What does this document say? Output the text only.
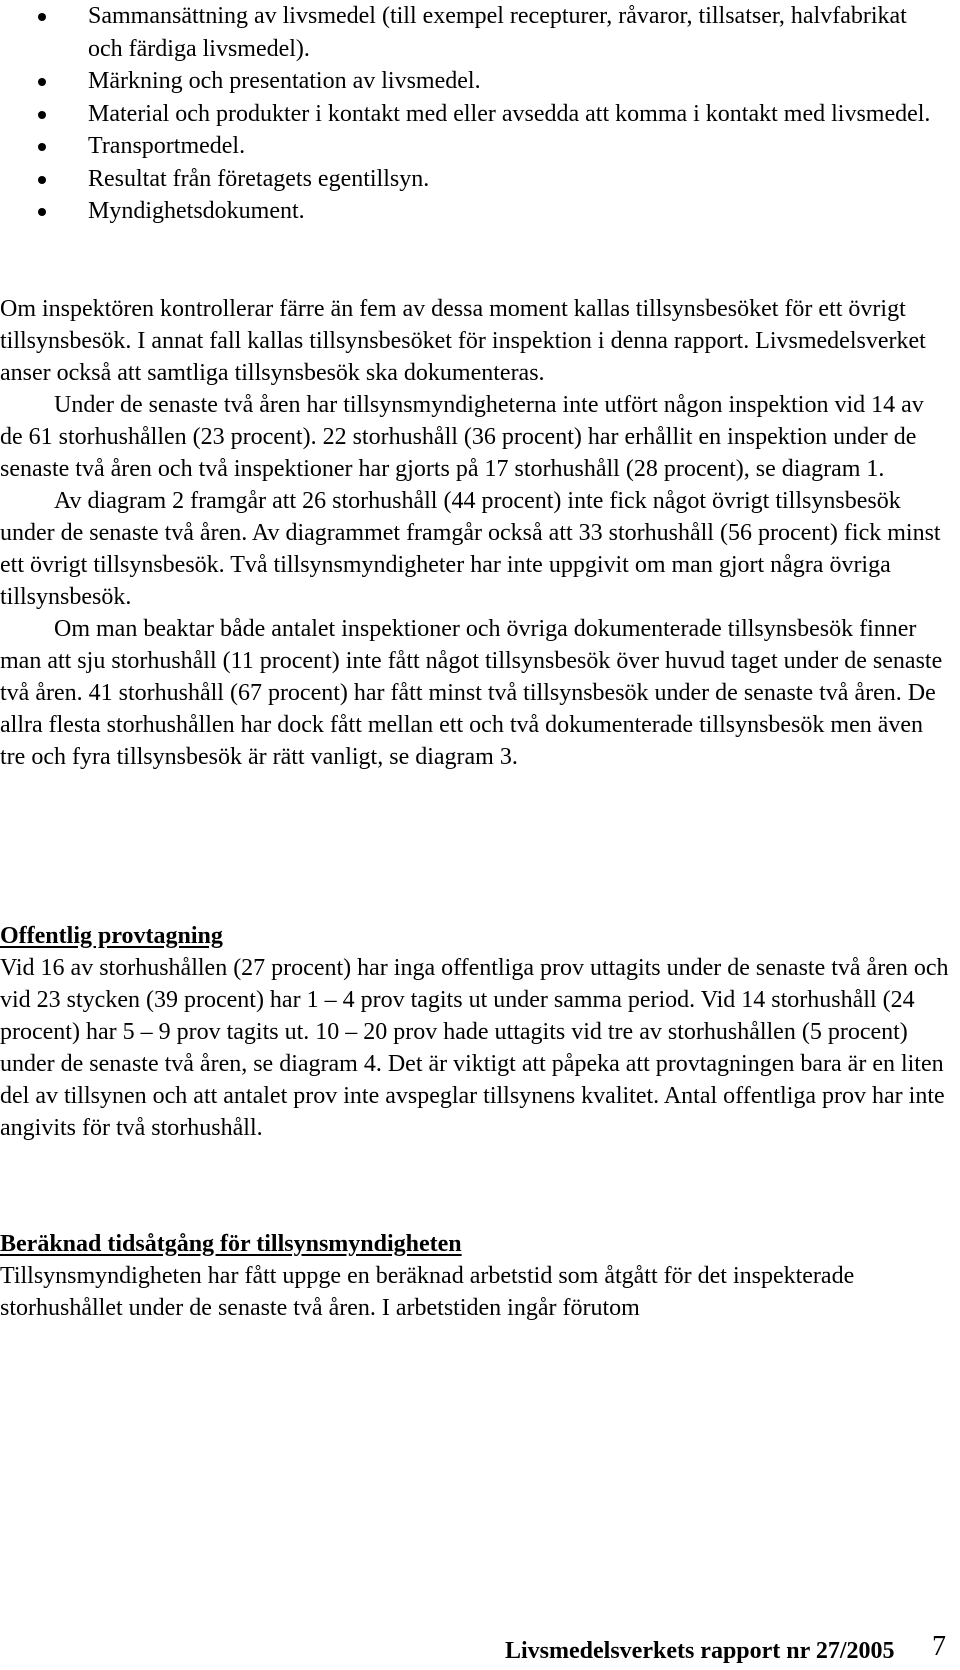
Sammansättning av livsmedel (till exempel recepturer, råvaror, tillsatser, halvfabrikat och färdiga livsmedel).
Märkning och presentation av livsmedel.
Material och produkter i kontakt med eller avsedda att komma i kontakt med livsmedel.
Transportmedel.
Resultat från företagets egentillsyn.
Myndighetsdokument.

Om inspektören kontrollerar färre än fem av dessa moment kallas tillsynsbesöket för ett övrigt tillsynsbesök. I annat fall kallas tillsynsbesöket för inspektion i denna rapport. Livsmedelsverket anser också att samtliga tillsynsbesök ska dokumenteras.

Under de senaste två åren har tillsynsmyndigheterna inte utfört någon inspektion vid 14 av de 61 storhushållen (23 procent). 22 storhushåll (36 procent) har erhållit en inspektion under de senaste två åren och två inspektioner har gjorts på 17 storhushåll (28 procent), se diagram 1.

Av diagram 2 framgår att 26 storhushåll (44 procent) inte fick något övrigt tillsynsbesök under de senaste två åren. Av diagrammet framgår också att 33 storhushåll (56 procent) fick minst ett övrigt tillsynsbesök. Två tillsynsmyndigheter har inte uppgivit om man gjort några övriga tillsynsbesök.

Om man beaktar både antalet inspektioner och övriga dokumenterade tillsynsbesök finner man att sju storhushåll (11 procent) inte fått något tillsynsbesök över huvud taget under de senaste två åren. 41 storhushåll (67 procent) har fått minst två tillsynsbesök under de senaste två åren. De allra flesta storhushållen har dock fått mellan ett och två dokumenterade tillsynsbesök men även tre och fyra tillsynsbesök är rätt vanligt, se diagram 3.

Offentlig provtagning

Vid 16 av storhushållen (27 procent) har inga offentliga prov uttagits under de senaste två åren och vid 23 stycken (39 procent) har 1 – 4 prov tagits ut under samma period. Vid 14 storhushåll (24 procent) har 5 – 9 prov tagits ut. 10 – 20 prov hade uttagits vid tre av storhushållen (5 procent) under de senaste två åren, se diagram 4. Det är viktigt att påpeka att provtagningen bara är en liten del av tillsynen och att antalet prov inte avspeglar tillsynens kvalitet. Antal offentliga prov har inte angivits för två storhushåll.

Beräknad tidsåtgång för tillsynsmyndigheten

Tillsynsmyndigheten har fått uppge en beräknad arbetstid som åtgått för det inspekterade storhushållet under de senaste två åren. I arbetstiden ingår förutom

Livsmedelsverkets rapport nr 27/2005 7
